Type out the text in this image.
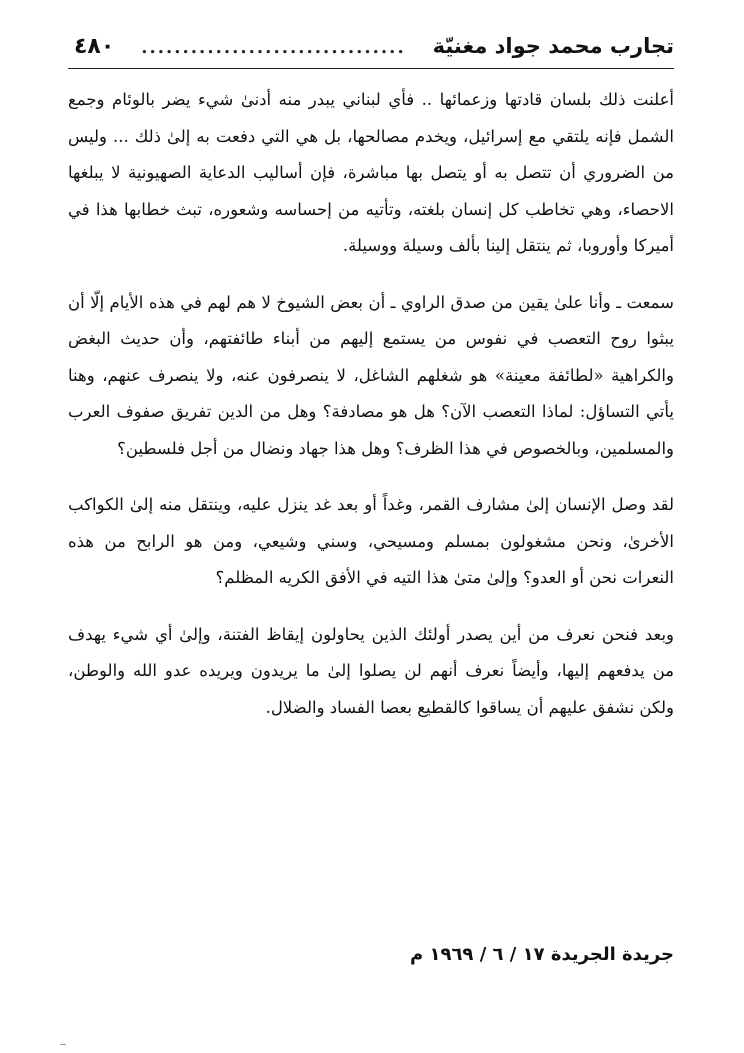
تجارب محمد جواد مغنيّة
................................
٤٨٠

أعلنت ذلك بلسان قادتها وزعمائها .. فأي لبناني يبدر منه أدنىٰ شيء يضر بالوئام وجمع الشمل فإنه يلتقي مع إسرائيل، ويخدم مصالحها، بل هي التي دفعت به إلىٰ ذلك ... وليس من الضروري أن تتصل به أو يتصل بها مباشرة، فإن أساليب الدعاية الصهيونية لا يبلغها الاحصاء، وهي تخاطب كل إنسان بلغته، وتأتيه من إحساسه وشعوره، تبث خطابها هذا في أميركا وأوروبا، ثم ينتقل إلينا بألف وسيلة ووسيلة.

سمعت ـ وأنا علىٰ يقين من صدق الراوي ـ أن بعض الشيوخ لا هم لهم في هذه الأيام إلّا أن يبثوا روح التعصب في نفوس من يستمع إليهم من أبناء طائفتهم، وأن حديث البغض والكراهية «لطائفة معينة» هو شغلهم الشاغل، لا ينصرفون عنه، ولا ينصرف عنهم، وهنا يأتي التساؤل: لماذا التعصب الآن؟ هل هو مصادفة؟ وهل من الدين تفريق صفوف العرب والمسلمين، وبالخصوص في هذا الظرف؟ وهل هذا جهاد ونضال من أجل فلسطين؟

لقد وصل الإنسان إلىٰ مشارف القمر، وغداً أو بعد غد ينزل عليه، وينتقل منه إلىٰ الكواكب الأخرىٰ، ونحن مشغولون بمسلم ومسيحي، وسني وشيعي، ومن هو الرابح من هذه النعرات نحن أو العدو؟ وإلىٰ متىٰ هذا التيه في الأفق الكريه المظلم؟

وبعد فنحن نعرف من أين يصدر أولئك الذين يحاولون إيقاظ الفتنة، وإلىٰ أي شيء يهدف من يدفعهم إليها، وأيضاً نعرف أنهم لن يصلوا إلىٰ ما يريدون ويريده عدو الله والوطن، ولكن نشفق عليهم أن يساقوا كالقطيع بعصا الفساد والضلال.

جريدة الجريدة ١٧ / ٦ / ١٩٦٩ م
